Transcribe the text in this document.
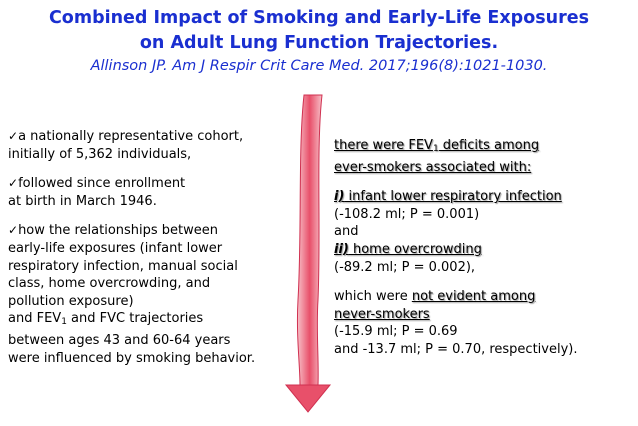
Combined Impact of Smoking and Early-Life Exposures
on Adult Lung Function Trajectories.
Allinson JP. Am J Respir Crit Care Med. 2017;196(8):1021-1030.

✓a nationally representative cohort,
initially of 5,362 individuals,

✓followed since enrollment
at birth in March 1946.

✓how the relationships between
early-life exposures (infant lower
respiratory infection, manual social
class, home overcrowding, and
pollution exposure)
and $FEV_1$ and FVC trajectories
between ages 43 and 60-64 years
were influenced by smoking behavior.

there were $FEV_1$ deficits among
ever-smokers associated with:

i) infant lower respiratory infection
(-108.2 ml; P = 0.001)
and
ii) home overcrowding
(-89.2 ml; P = 0.002),

which were not evident among
never-smokers
(-15.9 ml; P = 0.69
and -13.7 ml; P = 0.70, respectively).
